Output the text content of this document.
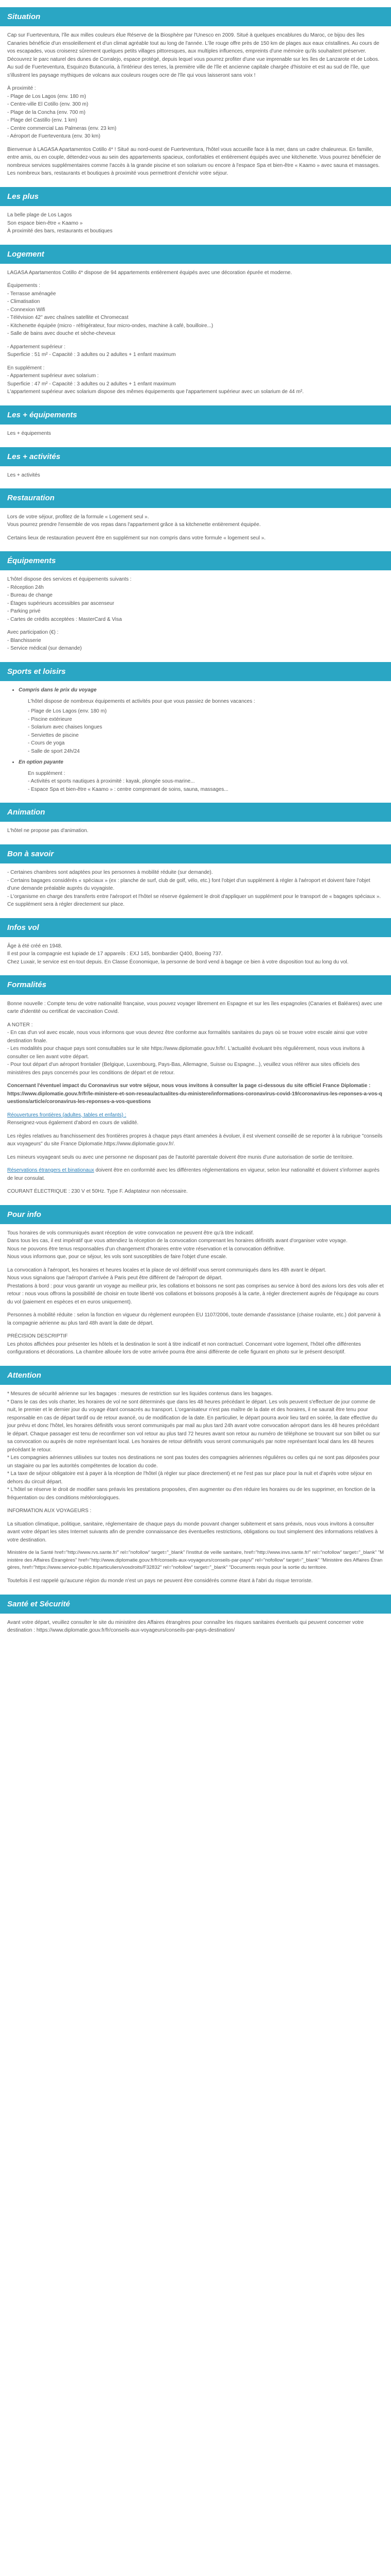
Situation

Cap sur Fuerteventura, l'île aux milles couleurs élue Réserve de la Biosphère par l'Unesco en 2009. Situé à quelques encablures du Maroc, ce bijou des îles Canaries bénéficie d'un ensoleillement et d'un climat agréable tout au long de l'année. L'île rouge offre près de 150 km de plages aux eaux cristallines. Au cours de vos escapades, vous croiserez sûrement quelques petits villages pittoresques, aux multiples influences, empreints d'une mémoire qu'ils souhaitent préserver. Découvrez le parc naturel des dunes de Corralejo, espace protégé, depuis lequel vous pourrez profiter d'une vue imprenable sur les îles de Lanzarote et de Lobos. Au sud de Fuerteventura, Esquinzo Butancuria, à l'intérieur des terres, la première ville de l'île et ancienne capitale chargée d'histoire et est au sud de l'île, que s'illustrent les paysage mythiques de volcans aux couleurs rouges ocre de l'île qui vous laisseront sans voix !

À proximité :

- Plage de Los Lagos (env. 180 m)

- Centre-ville El Cotillo (env. 300 m)

- Plage de la Concha (env. 700 m)

- Plage del Castillo (env. 1 km)

- Centre commercial Las Palmeras (env. 23 km)

- Aéroport de Fuerteventura (env. 30 km)

Bienvenue à LAGASA Apartamentos Cotillo 4* ! Situé au nord-ouest de Fuerteventura, l'hôtel vous accueille face à la mer, dans un cadre chaleureux. En famille, entre amis, ou en couple, détendez-vous au sein des appartements spacieux, confortables et entièrement équipés avec une kitchenette. Vous pourrez bénéficier de nombreux services supplémentaires comme l'accès à la grande piscine et son solarium ou encore à l'espace Spa et bien-être « Kaamo » avec sauna et massages. Les nombreux bars, restaurants et boutiques à proximité vous permettront d'enrichir votre séjour.

Les plus

La belle plage de Los Lagos

Son espace bien-être « Kaamo »

À proximité des bars, restaurants et boutiques

Logement

LAGASA Apartamentos Cotillo 4* dispose de 94 appartements entièrement équipés avec une décoration épurée et moderne.

Équipements :

- Terrasse aménagée

- Climatisation

- Connexion Wifi

- Télévision 42'' avec chaînes satellite et Chromecast

- Kitchenette équipée (micro - réfrigérateur, four micro-ondes, machine à café, bouilloire...)

- Salle de bains avec douche et sèche-cheveux

- Appartement supérieur :

Superficie : 51 m² - Capacité : 3 adultes ou 2 adultes + 1 enfant maximum

En supplément :

- Appartement supérieur avec solarium :

Superficie : 47 m² - Capacité : 3 adultes ou 2 adultes + 1 enfant maximum

L'appartement supérieur avec solarium dispose des mêmes équipements que l'appartement supérieur avec un solarium de 44 m².

Les + équipements

Les + équipements

Les + activités

Les + activités

Restauration

Lors de votre séjour, profitez de la formule « Logement seul ».

Vous pourrez prendre l'ensemble de vos repas dans l'appartement grâce à sa kitchenette entièrement équipée.

Certains lieux de restauration peuvent être en supplément sur non compris dans votre formule « logement seul ».

Équipements

L'hôtel dispose des services et équipements suivants :

- Réception 24h

- Bureau de change

- Étages supérieurs accessibles par ascenseur

- Parking privé

- Cartes de crédits acceptées : MasterCard & Visa

Avec participation (€) :

- Blanchisserie

- Service médical (sur demande)

Sports et loisirs
• Compris dans le prix du voyage

L'hôtel dispose de nombreux équipements et activités pour que vous passiez de bonnes vacances :

- Plage de Los Lagos (env. 180 m)
- Piscine extérieure
- Solarium avec chaises longues
- Serviettes de piscine
- Cours de yoga
- Salle de sport 24h/24
• En option payante

En supplément :

- Activités et sports nautiques à proximité : kayak, plongée sous-marine...

- Espace Spa et bien-être « Kaamo » : centre comprenant de soins, sauna, massages...

Animation

L'hôtel ne propose pas d'animation.

Bon à savoir

- Certaines chambres sont adaptées pour les personnes à mobilité réduite (sur demande).

- Certains bagages considérés « spéciaux » (ex : planche de surf, club de golf, vélo, etc.) font l'objet d'un supplément à régler à l'aéroport et doivent faire l'objet d'une demande préalable auprès du voyagiste.

- L'organisme en charge des transferts entre l'aéroport et l'hôtel se réserve également le droit d'appliquer un supplément pour le transport de « bagages spéciaux ». Ce supplément sera à régler directement sur place.

Infos vol

Âge à été créé en 1948.

Il est pour la compagnie est Iupiade de 17 appareils : EXJ 145, bombardier Q400, Boeing 737.

Chez Luxair, le service est en-tout depuis. En Classe Économique, la personne de bord vend à bagage ce bien à votre disposition tout au long du vol.

Formalités

Bonne nouvelle : Compte tenu de votre nationalité française, vous pouvez voyager librement en Espagne et sur les îles espagnoles (Canaries et Baléares) avec une carte d'identité ou certificat de vaccination Covid.

A NOTER :

- En cas d'un vol avec escale, nous vous informons que vous devrez être conforme aux formalités sanitaires du pays où se trouve votre escale ainsi que votre destination finale.

- Les modalités pour chaque pays sont consultables sur le site https://www.diplomatie.gouv.fr/fr/. L'actualité évoluant très régulièrement, nous vous invitons à consulter ce lien avant votre départ.

- Pour tout départ d'un aéroport frontalier (Belgique, Luxembourg, Pays-Bas, Allemagne, Suisse ou Espagne...), veuillez vous référer aux sites officiels des ministères des pays concernés pour les conditions de départ et de retour.

Concernant l'éventuel impact du Coronavirus sur votre séjour, nous vous invitons à consulter la page ci-dessous du site officiel France Diplomatie :

https://www.diplomatie.gouv.fr/fr/le-ministere-et-son-reseau/actualites-du-ministere/informations-coronavirus-covid-19/coronavirus-les-reponses-a-vos-questions/article/coronavirus-les-reponses-a-vos-questions

Réouvertures frontières (adultes, tables et enfants) :

Renseignez-vous également d'abord en cours de validité.

Les règles relatives au franchissement des frontières propres à chaque pays étant amenées à évoluer, il est vivement conseillé de se reporter à la rubrique "conseils aux voyageurs" du site France Diplomatie.https://www.diplomatie.gouv.fr/.

Les mineurs voyageant seuls ou avec une personne ne disposant pas de l'autorité parentale doivent être munis d'une autorisation de sortie de territoire.

Réservations étrangers et binationaux doivent être en conformité avec les différentes réglementations en vigueur, selon leur nationalité et doivent s'informer auprès de leur consulat.

COURANT ÉLECTRIQUE : 230 V et 50Hz. Type F. Adaptateur non nécessaire.

Pour info

Tous horaires de vols communiqués avant réception de votre convocation ne peuvent être qu'à titre indicatif.

Dans tous les cas, il est impératif que vous attendiez la réception de la convocation comprenant les horaires définitifs avant d'organiser votre voyage.

Nous ne pouvons être tenus responsables d'un changement d'horaires entre votre réservation et la convocation définitive.

Nous vous informons que, pour ce séjour, les vols sont susceptibles de faire l'objet d'une escale.

La convocation à l'aéroport, les horaires et heures locales et la place de vol définitif vous seront communiqués dans les 48h avant le départ.

Nous vous signalons que l'aéroport d'arrivée à Paris peut être différent de l'aéroport de départ.

Prestations à bord : pour vous garantir un voyage au meilleur prix, les collations et boissons ne sont pas comprises au service à bord des avions lors des vols aller et retour : nous vous offrons la possibilité de choisir en toute liberté vos collations et boissons proposés à la carte, à régler directement auprès de l'équipage au cours du vol (paiement en espèces et en euros uniquement).

Personnes à mobilité réduite : selon la fonction en vigueur du règlement européen EU 1107/2006, toute demande d'assistance (chaise roulante, etc.) doit parvenir à la compagnie aérienne au plus tard 48h avant la date de départ.

PRÉCISION DESCRIPTIF

Les photos affichées pour présenter les hôtels et la destination le sont à titre indicatif et non contractuel. Concernant votre logement, l'hôtel offre différentes configurations et décorations. La chambre allouée lors de votre arrivée pourra être ainsi différente de celle figurant en photo sur le présent descriptif.

Attention

* Mesures de sécurité aérienne sur les bagages : mesures de restriction sur les liquides contenus dans les bagages.

* Dans le cas des vols charter, les horaires de vol ne sont déterminés que dans les 48 heures précédant le départ. Les vols peuvent s'effectuer de jour comme de nuit, le premier et le dernier jour du voyage étant consacrés au transport. L'organisateur n'est pas maître de la date et des horaires, il ne saurait être tenu pour responsable en cas de départ tardif ou de retour avancé, ou de modification de la date. En particulier, le départ pourra avoir lieu tard en soirée, la date effective du jour prévu et donc l'hôtel, les horaires définitifs vous seront communiqués par mail au plus tard 24h avant votre convocation aéroport dans les 48 heures précédant le départ. Chaque passager est tenu de reconfirmer son vol retour au plus tard 72 heures avant son retour au numéro de téléphone se trouvant sur son billet ou sur sa convocation ou auprès de notre représentant local. Les horaires de retour définitifs vous seront communiqués par notre représentant local dans les 48 heures précédant le retour.

* Les compagnies aériennes utilisées sur toutes nos destinations ne sont pas toutes des compagnies aériennes régulières ou celles qui ne sont pas déposées pour un stagiaire ou par les autorités compétentes de location du code.

* La taxe de séjour obligatoire est à payer à la réception de l'hôtel (à régler sur place directement) et ne l'est pas sur place pour la nuit et d'après votre séjour en dehors du circuit départ.

* L'hôtel se réserve le droit de modifier sans préavis les prestations proposées, d'en augmenter ou d'en réduire les horaires ou de les supprimer, en fonction de la fréquentation ou des conditions météorologiques.

INFORMATION AUX VOYAGEURS :

La situation climatique, politique, sanitaire, réglementaire de chaque pays du monde pouvant changer subitement et sans préavis, nous vous invitons à consulter avant votre départ les sites Internet suivants afin de prendre connaissance des éventuelles restrictions, obligations ou tout simplement des informations relatives à votre destination.

Ministère de la Santé href="http://www.rvs.sante.fr/" rel="nofollow" target="_blank" l'institut de veille sanitaire, href="http://www.invs.sante.fr/" rel="nofollow" target="_blank" "Ministère des Affaires Étrangères" href="http://www.diplomatie.gouv.fr/fr/conseils-aux-voyageurs/conseils-par-pays/" rel="nofollow" target="_blank" "Ministère des Affaires Étrangères, href="https://www.service-public.fr/particuliers/vosdroits/F32832" rel="nofollow" target="_blank" "Documents requis pour la sortie du territoire.

Toutefois il est rappelé qu'aucune région du monde n'est un pays ne peuvent être considérés comme étant à l'abri du risque terroriste.

Santé et Sécurité

Avant votre départ, veuillez consulter le site du ministère des Affaires étrangères pour connaître les risques sanitaires éventuels qui peuvent concerner votre destination : https://www.diplomatie.gouv.fr/fr/conseils-aux-voyageurs/conseils-par-pays-destination/
